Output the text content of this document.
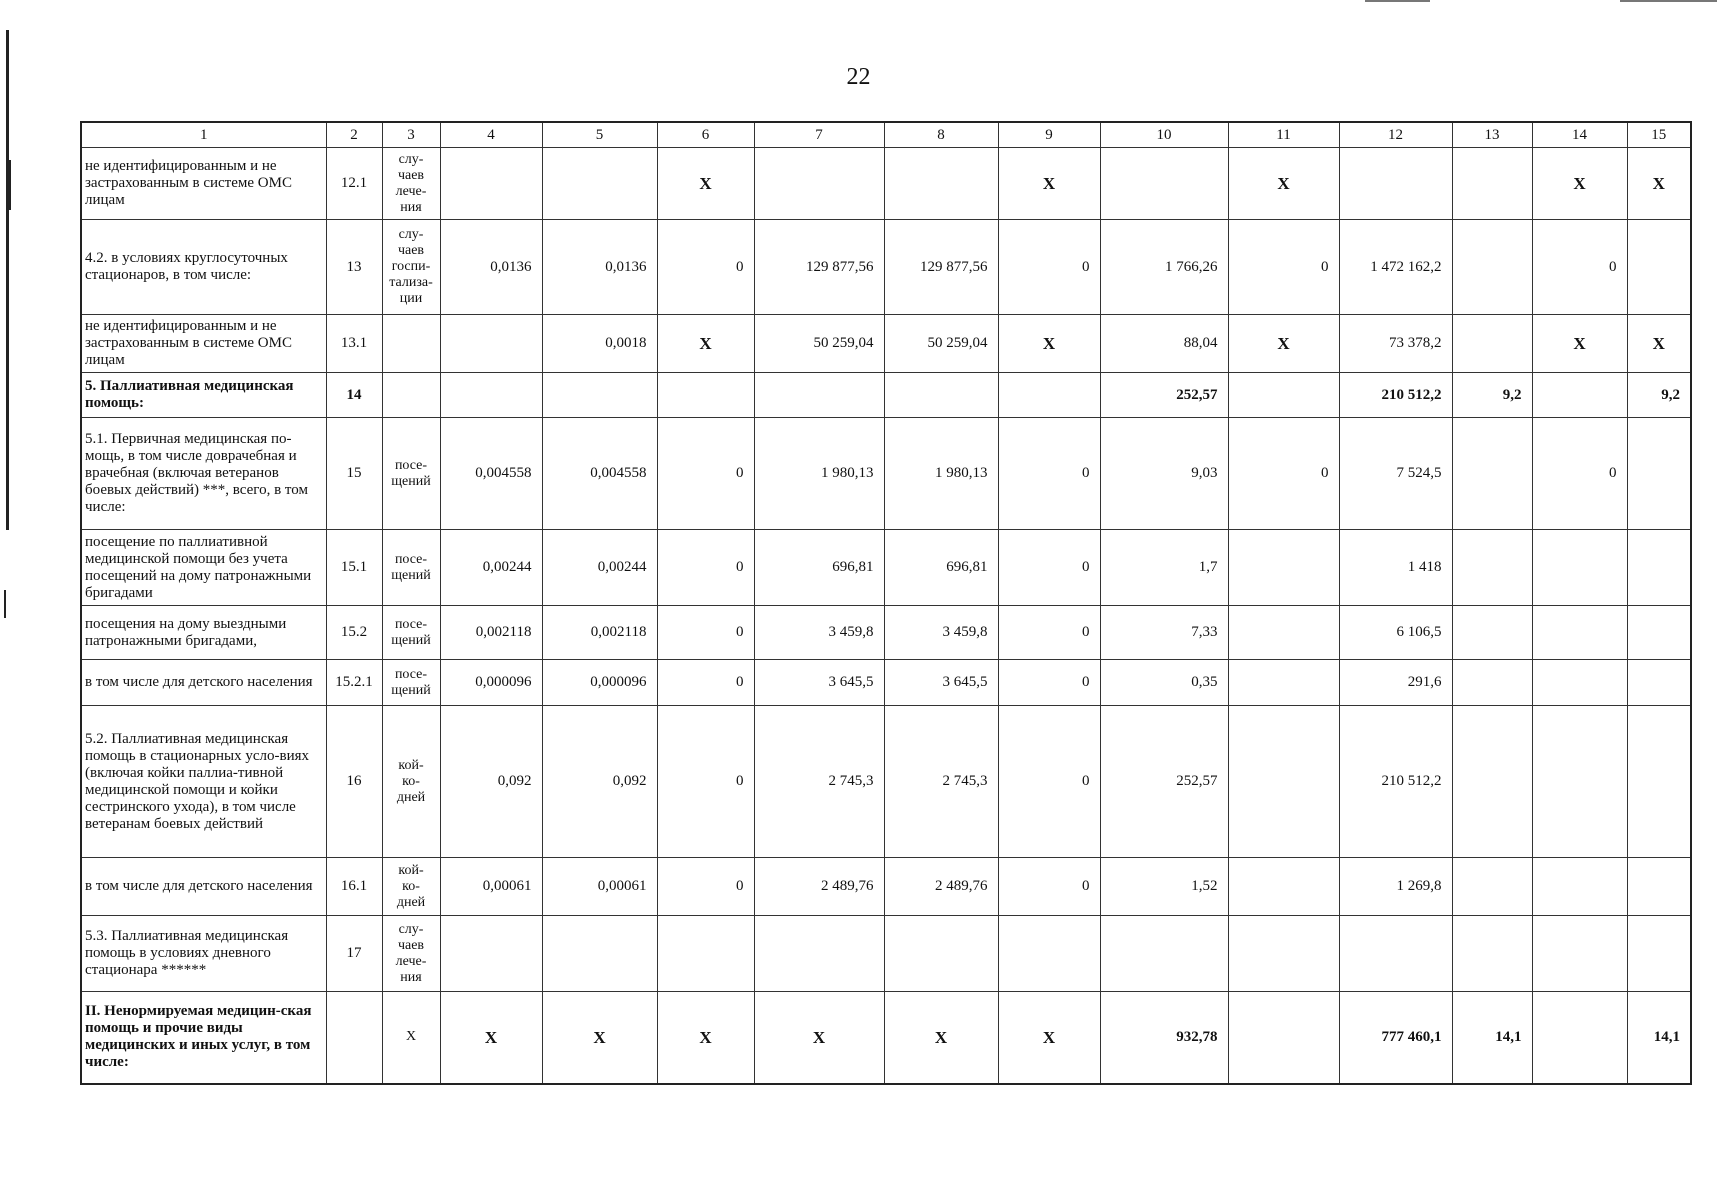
22
1	2	3	4	5	6	7	8	9	10	11	12	13	14	15
не идентифицированным и не застрахованным в системе ОМС лицам	12.1	слу-
чаев
лече-
ния			X			X		X			X	X
4.2. в условиях круглосуточных стационаров, в том числе:	13	слу-
чаев
госпи-
тализа-
ции	0,0136	0,0136	0	129 877,56	129 877,56	0	1 766,26	0	1 472 162,2		0	
не идентифицированным и не застрахованным в системе ОМС лицам	13.1			0,0018	X	50 259,04	50 259,04	X	88,04	X	73 378,2		X	X
5. Паллиативная медицинская помощь:	14								252,57		210 512,2	9,2		9,2
5.1. Первичная медицинская по-мощь, в том числе доврачебная и врачебная (включая ветеранов боевых действий) ***, всего, в том числе:	15	посе-
щений	0,004558	0,004558	0	1 980,13	1 980,13	0	9,03	0	7 524,5		0	
посещение по паллиативной медицинской помощи без учета посещений на дому патронажными бригадами	15.1	посе-
щений	0,00244	0,00244	0	696,81	696,81	0	1,7		1 418			
посещения на дому выездными патронажными бригадами,	15.2	посе-
щений	0,002118	0,002118	0	3 459,8	3 459,8	0	7,33		6 106,5			
в том числе для детского населения	15.2.1	посе-
щений	0,000096	0,000096	0	3 645,5	3 645,5	0	0,35		291,6			
5.2. Паллиативная медицинская помощь в стационарных усло-виях (включая койки паллиа-тивной медицинской помощи и койки сестринского ухода), в том числе ветеранам боевых действий	16	кой-
ко-
дней	0,092	0,092	0	2 745,3	2 745,3	0	252,57		210 512,2			
в том числе для детского населения	16.1	кой-
ко-
дней	0,00061	0,00061	0	2 489,76	2 489,76	0	1,52		1 269,8			
5.3. Паллиативная медицинская помощь в условиях дневного стационара ******	17	слу-
чаев
лече-
ния												
II. Ненормируемая медицин-ская помощь и прочие виды медицинских и иных услуг, в том числе:		X	X	X	X	X	X	X	932,78		777 460,1	14,1		14,1
